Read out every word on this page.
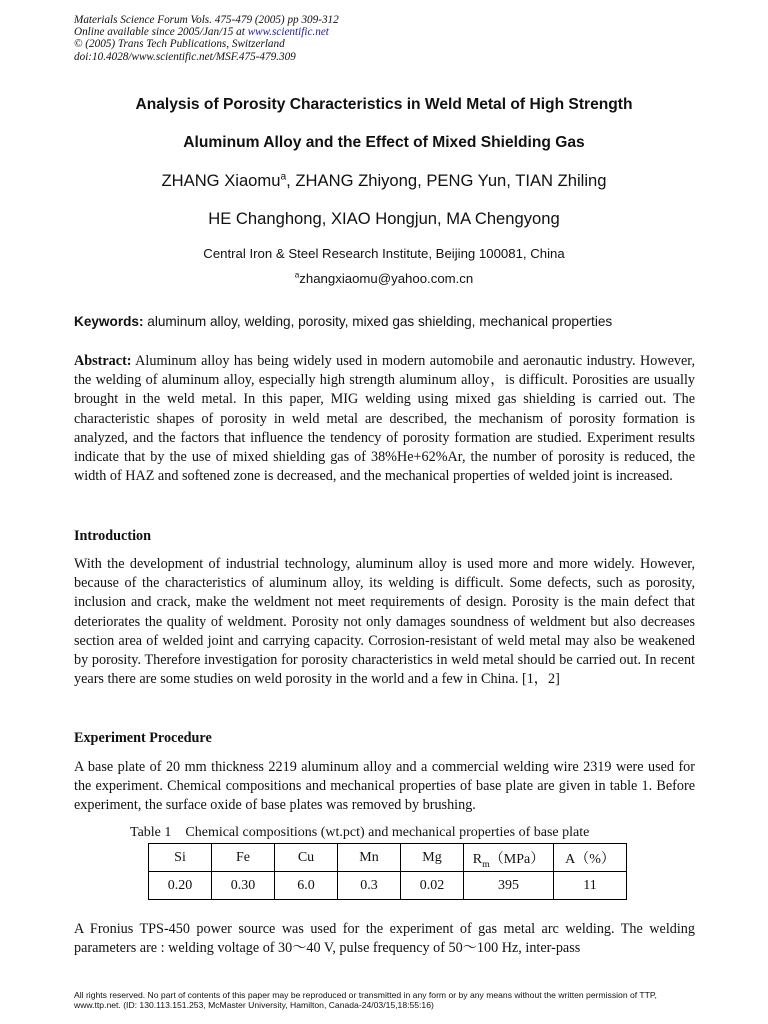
Materials Science Forum Vols. 475-479 (2005) pp 309-312
Online available since 2005/Jan/15 at www.scientific.net
© (2005) Trans Tech Publications, Switzerland
doi:10.4028/www.scientific.net/MSF.475-479.309
Analysis of Porosity Characteristics in Weld Metal of High Strength
Aluminum Alloy and the Effect of Mixed Shielding Gas
ZHANG Xiaomu$^a$, ZHANG Zhiyong, PENG Yun, TIAN Zhiling
HE Changhong, XIAO Hongjun, MA Chengyong
Central Iron & Steel Research Institute, Beijing 100081, China
$^a$zhangxiaomu@yahoo.com.cn
Keywords: aluminum alloy, welding, porosity, mixed gas shielding, mechanical properties
Abstract: Aluminum alloy has being widely used in modern automobile and aeronautic industry. However, the welding of aluminum alloy, especially high strength aluminum alloy，is difficult. Porosities are usually brought in the weld metal. In this paper, MIG welding using mixed gas shielding is carried out. The characteristic shapes of porosity in weld metal are described, the mechanism of porosity formation is analyzed, and the factors that influence the tendency of porosity formation are studied. Experiment results indicate that by the use of mixed shielding gas of 38%He+62%Ar, the number of porosity is reduced, the width of HAZ and softened zone is decreased, and the mechanical properties of welded joint is increased.
Introduction
With the development of industrial technology, aluminum alloy is used more and more widely. However, because of the characteristics of aluminum alloy, its welding is difficult. Some defects, such as porosity, inclusion and crack, make the weldment not meet requirements of design. Porosity is the main defect that deteriorates the quality of weldment. Porosity not only damages soundness of weldment but also decreases section area of welded joint and carrying capacity. Corrosion-resistant of weld metal may also be weakened by porosity. Therefore investigation for porosity characteristics in weld metal should be carried out. In recent years there are some studies on weld porosity in the world and a few in China. [1，2]
Experiment Procedure
A base plate of 20 mm thickness 2219 aluminum alloy and a commercial welding wire 2319 were used for the experiment. Chemical compositions and mechanical properties of base plate are given in table 1. Before experiment, the surface oxide of base plates was removed by brushing.
Table 1    Chemical compositions (wt.pct) and mechanical properties of base plate
Si	Fe	Cu	Mn	Mg	$R_m(MPa)$	A（%）
0.20	0.30	6.0	0.3	0.02	395	11
A Fronius TPS-450 power source was used for the experiment of gas metal arc welding. The welding parameters are : welding voltage of 30～40 V, pulse frequency of 50～100 Hz, inter-pass
All rights reserved. No part of contents of this paper may be reproduced or transmitted in any form or by any means without the written permission of TTP,
www.ttp.net. (ID: 130.113.151.253, McMaster University, Hamilton, Canada-24/03/15,18:55:16)
